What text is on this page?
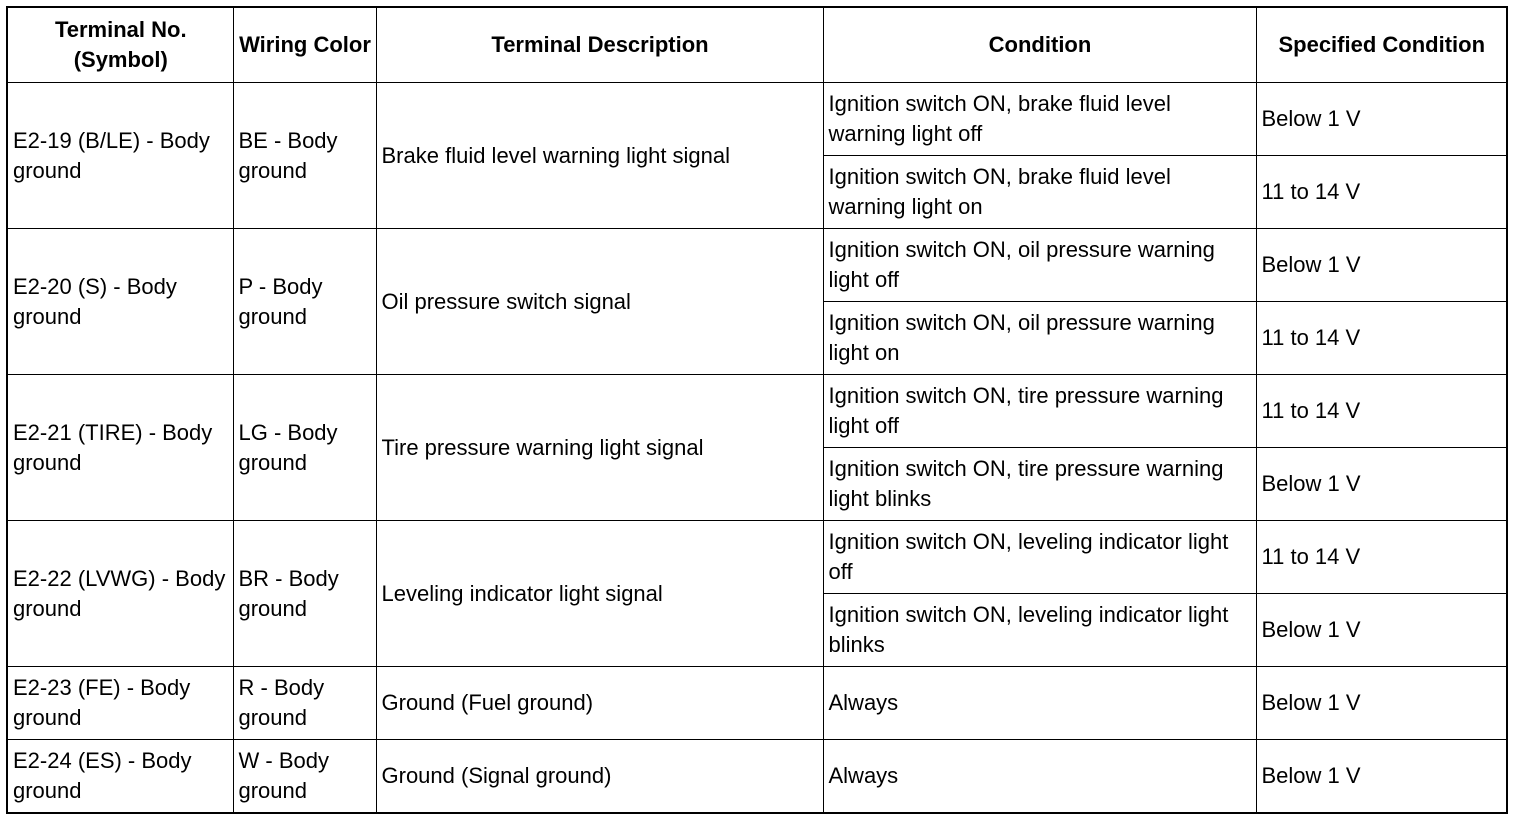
Terminal No. (Symbol)	Wiring Color	Terminal Description	Condition	Specified Condition
E2-19 (B/LE) - Body ground	BE - Body ground	Brake fluid level warning light signal	Ignition switch ON, brake fluid level warning light off	Below 1 V
			Ignition switch ON, brake fluid level warning light on	11 to 14 V
E2-20 (S) - Body ground	P - Body ground	Oil pressure switch signal	Ignition switch ON, oil pressure warning light off	Below 1 V
			Ignition switch ON, oil pressure warning light on	11 to 14 V
E2-21 (TIRE) - Body ground	LG - Body ground	Tire pressure warning light signal	Ignition switch ON, tire pressure warning light off	11 to 14 V
			Ignition switch ON, tire pressure warning light blinks	Below 1 V
E2-22 (LVWG) - Body ground	BR - Body ground	Leveling indicator light signal	Ignition switch ON, leveling indicator light off	11 to 14 V
			Ignition switch ON, leveling indicator light blinks	Below 1 V
E2-23 (FE) - Body ground	R - Body ground	Ground (Fuel ground)	Always	Below 1 V
E2-24 (ES) - Body ground	W - Body ground	Ground (Signal ground)	Always	Below 1 V
